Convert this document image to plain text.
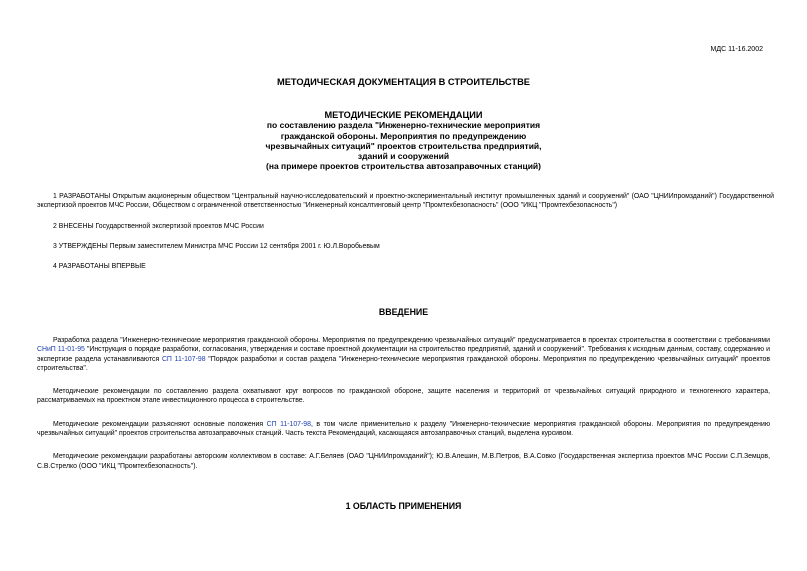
МДС 11-16.2002
МЕТОДИЧЕСКАЯ ДОКУМЕНТАЦИЯ В СТРОИТЕЛЬСТВЕ
МЕТОДИЧЕСКИЕ РЕКОМЕНДАЦИИ
по составлению раздела "Инженерно-технические мероприятия
гражданской обороны. Мероприятия по предупреждению
чрезвычайных ситуаций" проектов строительства предприятий,
зданий и сооружений
(на примере проектов строительства автозаправочных станций)

1 РАЗРАБОТАНЫ Открытым акционерным обществом "Центральный научно-исследовательский и проектно-экспериментальный институт промышленных зданий и сооружений" (ОАО "ЦНИИпромзданий") Государственной экспертизой проектов МЧС России, Обществом с ограниченной ответственностью "Инженерный консалтинговый центр "Промтехбезопасность" (ООО "ИКЦ "Промтехбезопасность")

2 ВНЕСЕНЫ Государственной экспертизой проектов МЧС России

3 УТВЕРЖДЕНЫ Первым заместителем Министра МЧС России 12 сентября 2001 г. Ю.Л.Воробьевым

4 РАЗРАБОТАНЫ ВПЕРВЫЕ

ВВЕДЕНИЕ

Разработка раздела "Инженерно-технические мероприятия гражданской обороны. Мероприятия по предупреждению чрезвычайных ситуаций" предусматривается в проектах строительства в соответствии с требованиями СНиП 11-01-95 "Инструкция о порядке разработки, согласования, утверждения и составе проектной документации на строительство предприятий, зданий и сооружений". Требования к исходным данным, составу, содержанию и экспертизе раздела устанавливаются СП 11-107-98 "Порядок разработки и состав раздела "Инженерно-технические мероприятия гражданской обороны. Мероприятия по предупреждению чрезвычайных ситуаций" проектов строительства".

Методические рекомендации по составлению раздела охватывают круг вопросов по гражданской обороне, защите населения и территорий от чрезвычайных ситуаций природного и техногенного характера, рассматриваемых на проектном этапе инвестиционного процесса в строительстве.

Методические рекомендации разъясняют основные положения СП 11-107-98, в том числе применительно к разделу "Инженерно-технические мероприятия гражданской обороны. Мероприятия по предупреждению чрезвычайных ситуаций" проектов строительства автозаправочных станций. Часть текста Рекомендаций, касающаяся автозаправочных станций, выделена курсивом.

Методические рекомендации разработаны авторским коллективом в составе: А.Г.Беляев (ОАО "ЦНИИпромзданий"); Ю.В.Алешин, М.В.Петров, В.А.Совко (Государственная экспертиза проектов МЧС России С.П.Земцов, С.В.Стрелко (ООО "ИКЦ "Промтехбезопасность").

1 ОБЛАСТЬ ПРИМЕНЕНИЯ
